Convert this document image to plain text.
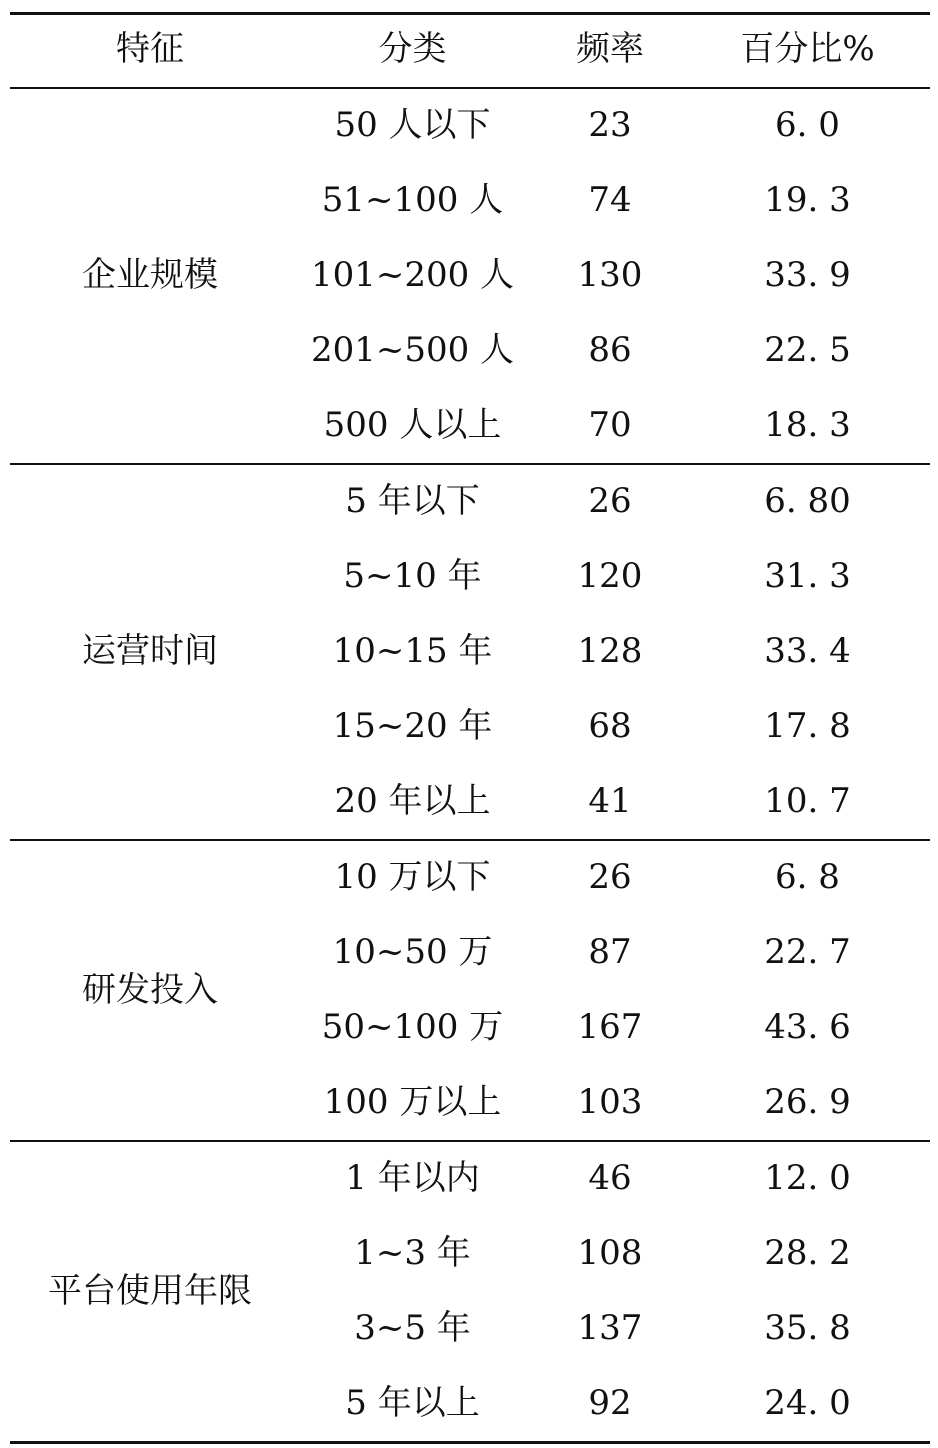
特征	分类	频率	百分比%
企业规模
50 人以下	23	6. 0
51~100 人	74	19. 3
101~200 人	130	33. 9
201~500 人	86	22. 5
500 人以上	70	18. 3
运营时间
5 年以下	26	6. 80
5~10 年	120	31. 3
10~15 年	128	33. 4
15~20 年	68	17. 8
20 年以上	41	10. 7
研发投入
10 万以下	26	6. 8
10~50 万	87	22. 7
50~100 万	167	43. 6
100 万以上	103	26. 9
平台使用年限
1 年以内	46	12. 0
1~3 年	108	28. 2
3~5 年	137	35. 8
5 年以上	92	24. 0
